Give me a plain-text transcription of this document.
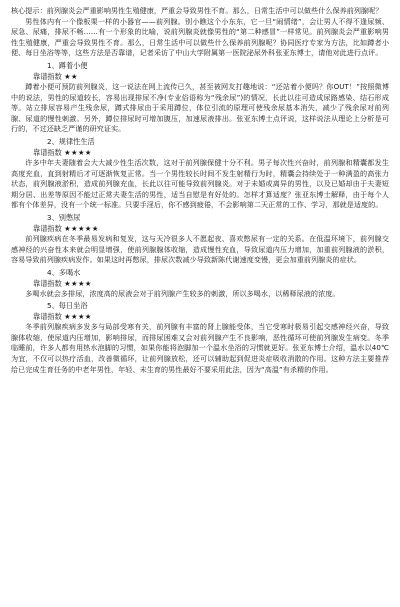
核心提示：前列腺炎会严重影响男性生殖健康，严重会导致男性不育。那么，日常生活中可以做些什么保养前列腺呢？

男性体内有一个像板栗一样的小器官——前列腺。别小瞧这个小东东，它一旦“闹情绪”，会让男人不得不逢尿频、尿急、尿痛，排尿不畅……有一个形象的比喻，说前列腺炎就像男性的“第二种感冒”一样常见。前列腺炎会严重影响男性生殖健康，严重会导致男性不育。那么，日常生活中可以做些什么保养前列腺呢？协同医疗专家为方法，比如蹲者小便、每日坐浴等等，这些方法是否靠谱，记者采访了中山大学附属第一医院泌尿外科张亚东博士，请他对此进行点评。

1、蹲着小便

靠谱指数 ★★

蹲着小便可预防前列腺炎，这一说法在网上流传已久，甚至被网友打趣地说：“还站着小便吗？你OUT！”按照微博中的说法，男性的尿道较长，容易出现排尿不净(专业俗语称为“残余尿”)的情况，长此以往可造成尿路感染、结石形成等。站立排尿容易产生残余尿，蹲式排尿由于采用蹲位，体位引流的原理可使残余尿基本消失，减少了残余尿对前列腺、尿道的慢性刺激。另外，蹲位排尿时可增加腹压，加速尿液排出。张亚东博士点评说，这样说法从理论上分析是可行的，不过还缺乏严谨的研究证实。

2、规律性生活

靠谱指数 ★★★★

许多中年夫妻随着会大大减少性生活次数，这对于前列腺保健十分不利。男子每次性兴奋时，前列腺和精囊都发生高度充血，直到射精后才可逐渐恢复正常。当一个男性较长时间不发生射精行为时，精囊会持续处于一种满盈的高张力状态，前列腺液淤积，造成前列腺充血，长此以往可能导致前列腺炎。对于未婚或离异的男性，以及已婚却由于夫妻短期分居、出差等原因不能过正常夫妻生活的男性，适当自慰是有好处的。怎样才算适度？张亚东博士解释，由于每个人都有个体差异，没有一个统一标准。只要手淫后，你不感到疲倦，不会影响第二天正常的工作、学习，那就是适度的。

3、别憋尿

靠谱指数 ★★★★★

前列腺疾病在冬季最易发病和复发，这与天冷很多人不愿起夜、喜欢憋尿有一定的关系。在低温环境下，前列腺交感神经的兴奋性本来就会明显增强，使前列腺腺体收缩，造成慢性充血，导致尿道内压力增加，加重前列腺液的淤积，容易导致前列腺疾病发作。如果这时再憋尿，排尿次数减少导致新陈代谢速度变慢，更会加重前列腺炎的症状。

4、多喝水

靠谱指数 ★★★★

多喝水就会多排尿，浓度高的尿液会对于前列腺产生较多的刺激，所以多喝水，以稀释尿液的浓度。

5、每日坐浴

靠谱指数 ★★★★

冬季前列腺疾病多发多与局部受寒有关，前列腺有丰富的肾上腺能受体，当它受寒时极易引起交感神经兴奋，导致腺体收缩，使尿道内压增加，影响排尿，而排尿困难又会对前列腺产生不良影响，恶性循环可使前列腺发生病变。冬季临睡前，许多人都有用热水泡脚的习惯，如果你能将泡脚加一个温水坐浴的习惯就更好。张亚东博士介绍，温水以40℃为宜，不仅可以热疗活血，改善微循环，让前列腺放松，还可以辅助起到促进炎症吸收消散的作用。这种方法主要推荐给已完成生育任务的中老年男性，年轻、未生育的男性最好不要采用此法，因为“高温”有杀精的作用。
